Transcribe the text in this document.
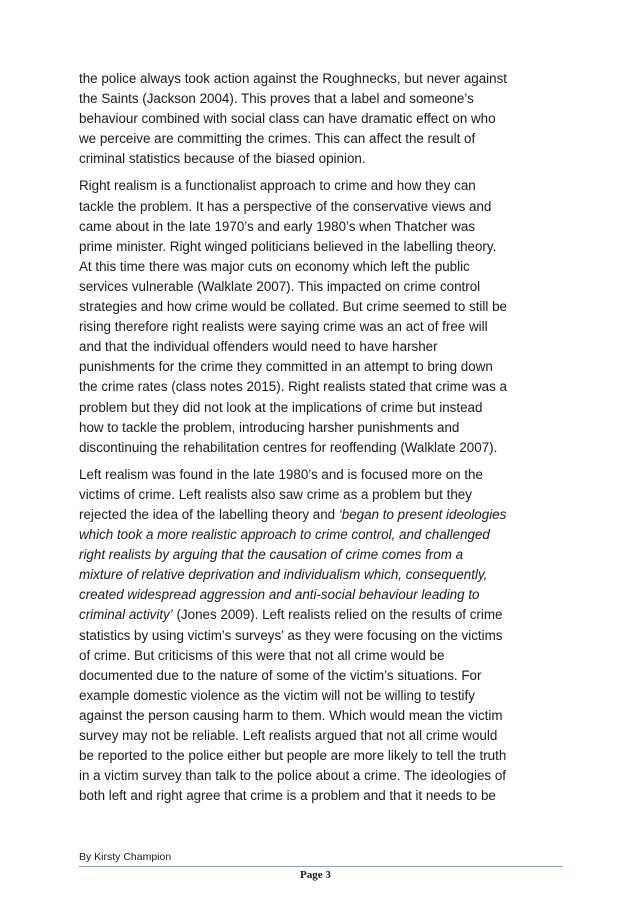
the police always took action against the Roughnecks, but never against
the Saints (Jackson 2004). This proves that a label and someone’s
behaviour combined with social class can have dramatic effect on who
we perceive are committing the crimes. This can affect the result of
criminal statistics because of the biased opinion.

Right realism is a functionalist approach to crime and how they can
tackle the problem. It has a perspective of the conservative views and
came about in the late 1970’s and early 1980’s when Thatcher was
prime minister. Right winged politicians believed in the labelling theory.
At this time there was major cuts on economy which left the public
services vulnerable (Walklate 2007). This impacted on crime control
strategies and how crime would be collated. But crime seemed to still be
rising therefore right realists were saying crime was an act of free will
and that the individual offenders would need to have harsher
punishments for the crime they committed in an attempt to bring down
the crime rates (class notes 2015). Right realists stated that crime was a
problem but they did not look at the implications of crime but instead
how to tackle the problem, introducing harsher punishments and
discontinuing the rehabilitation centres for reoffending (Walklate 2007).

Left realism was found in the late 1980’s and is focused more on the
victims of crime. Left realists also saw crime as a problem but they
rejected the idea of the labelling theory and ‘began to present ideologies
which took a more realistic approach to crime control, and challenged
right realists by arguing that the causation of crime comes from a
mixture of relative deprivation and individualism which, consequently,
created widespread aggression and anti-social behaviour leading to
criminal activity’ (Jones 2009). Left realists relied on the results of crime
statistics by using victim’s surveys’ as they were focusing on the victims
of crime. But criticisms of this were that not all crime would be
documented due to the nature of some of the victim’s situations. For
example domestic violence as the victim will not be willing to testify
against the person causing harm to them. Which would mean the victim
survey may not be reliable. Left realists argued that not all crime would
be reported to the police either but people are more likely to tell the truth
in a victim survey than talk to the police about a crime. The ideologies of
both left and right agree that crime is a problem and that it needs to be

By Kirsty Champion
Page 3
